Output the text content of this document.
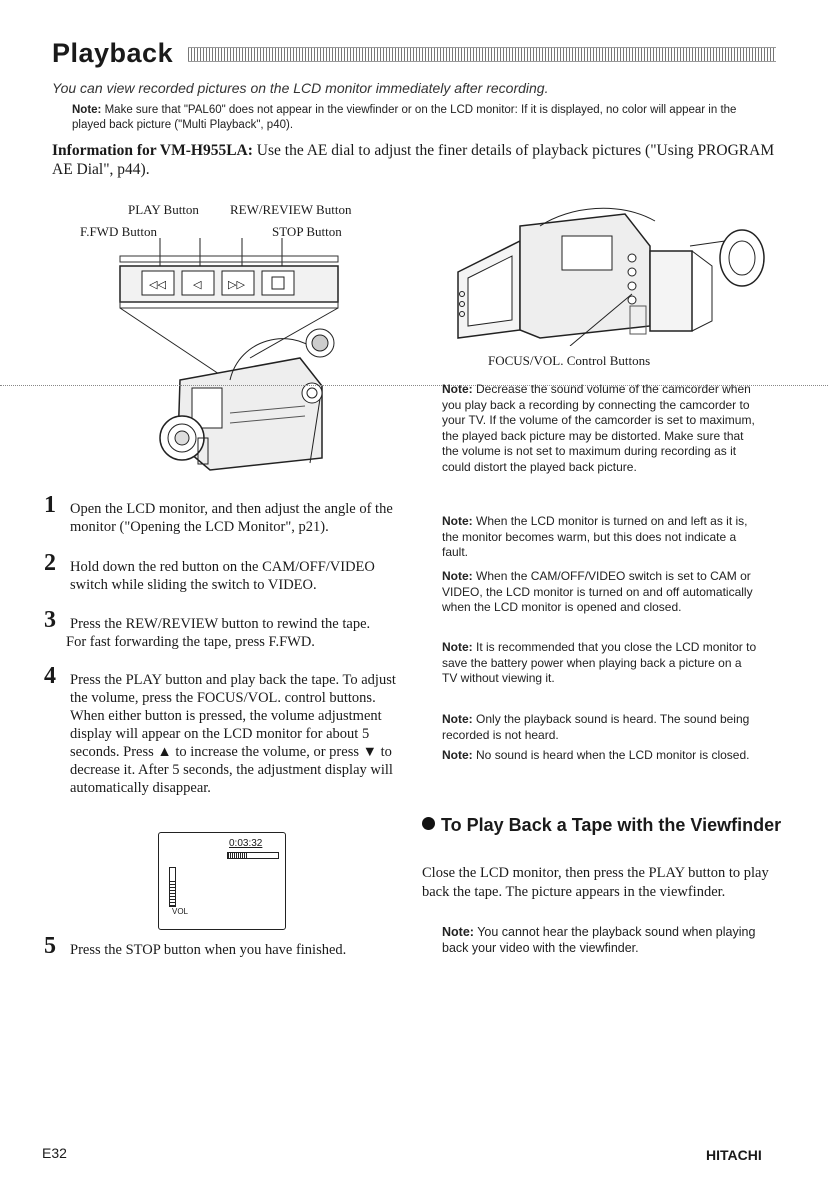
Playback
You can view recorded pictures on the LCD monitor immediately after recording.
Note: Make sure that "PAL60" does not appear in the viewfinder or on the LCD monitor: If it is displayed, no color will appear in the played back picture ("Multi Playback", p40).
Information for VM-H955LA: Use the AE dial to adjust the finer details of playback pictures ("Using PROGRAM AE Dial", p44).
PLAY Button REW/REVIEW Button
F.FWD Button	STOP Button
◁◁ ◁ ▷▷
FOCUS/VOL. Control Buttons
1 Open the LCD monitor, and then adjust the angle of the monitor ("Opening the LCD Monitor", p21).
2 Hold down the red button on the CAM/OFF/VIDEO switch while sliding the switch to VIDEO.
3 Press the REW/REVIEW button to rewind the tape.
For fast forwarding the tape, press F.FWD.
4 Press the PLAY button and play back the tape. To adjust the volume, press the FOCUS/VOL. control buttons. When either button is pressed, the volume adjustment display will appear on the LCD monitor for about 5 seconds. Press ▲ to increase the volume, or press ▼ to decrease it. After 5 seconds, the adjustment display will automatically disappear.
0:03:32
VOL
5 Press the STOP button when you have finished.
Note: Decrease the sound volume of the camcorder when you play back a recording by connecting the camcorder to your TV. If the volume of the camcorder is set to maximum, the played back picture may be distorted. Make sure that the volume is not set to maximum during recording as it could distort the played back picture.
Note: When the LCD monitor is turned on and left as it is, the monitor becomes warm, but this does not indicate a fault.
Note: When the CAM/OFF/VIDEO switch is set to CAM or VIDEO, the LCD monitor is turned on and off automatically when the LCD monitor is opened and closed.
Note: It is recommended that you close the LCD monitor to save the battery power when playing back a picture on a TV without viewing it.
Note: Only the playback sound is heard. The sound being recorded is not heard.
Note: No sound is heard when the LCD monitor is closed.
To Play Back a Tape with the Viewfinder
Close the LCD monitor, then press the PLAY button to play back the tape. The picture appears in the viewfinder.
Note: You cannot hear the playback sound when playing back your video with the viewfinder.
E32	HITACHI
